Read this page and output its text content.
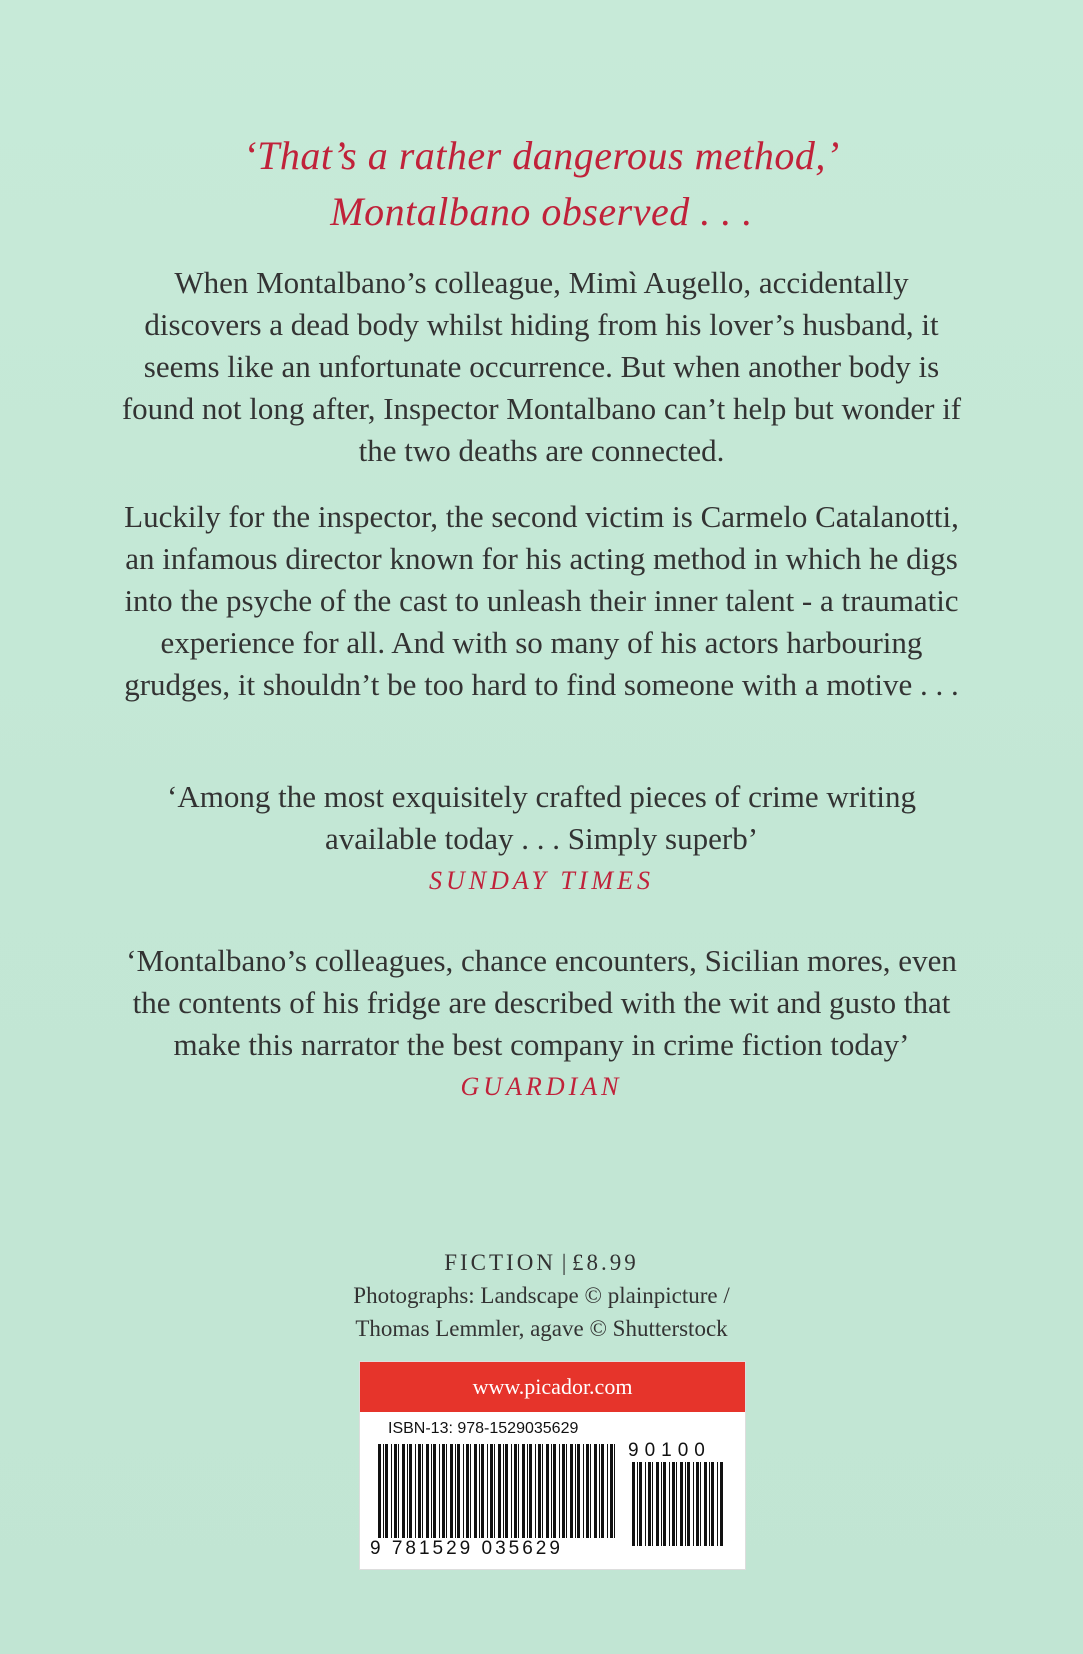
‘That’s a rather dangerous method,’
Montalbano observed . . .
When Montalbano’s colleague, Mimì Augello, accidentally discovers a dead body whilst hiding from his lover’s husband, it seems like an unfortunate occurrence. But when another body is found not long after, Inspector Montalbano can’t help but wonder if the two deaths are connected.
Luckily for the inspector, the second victim is Carmelo Catalanotti, an infamous director known for his acting method in which he digs into the psyche of the cast to unleash their inner talent - a traumatic experience for all. And with so many of his actors harbouring grudges, it shouldn’t be too hard to find someone with a motive . . .
‘Among the most exquisitely crafted pieces of crime writing available today . . . Simply superb’
SUNDAY TIMES
‘Montalbano’s colleagues, chance encounters, Sicilian mores, even the contents of his fridge are described with the wit and gusto that make this narrator the best company in crime fiction today’
GUARDIAN
FICTION | £8.99
Photographs: Landscape © plainpicture /
Thomas Lemmler, agave © Shutterstock
www.picador.com
ISBN-13: 978-1529035629
90100
9 781529 035629
